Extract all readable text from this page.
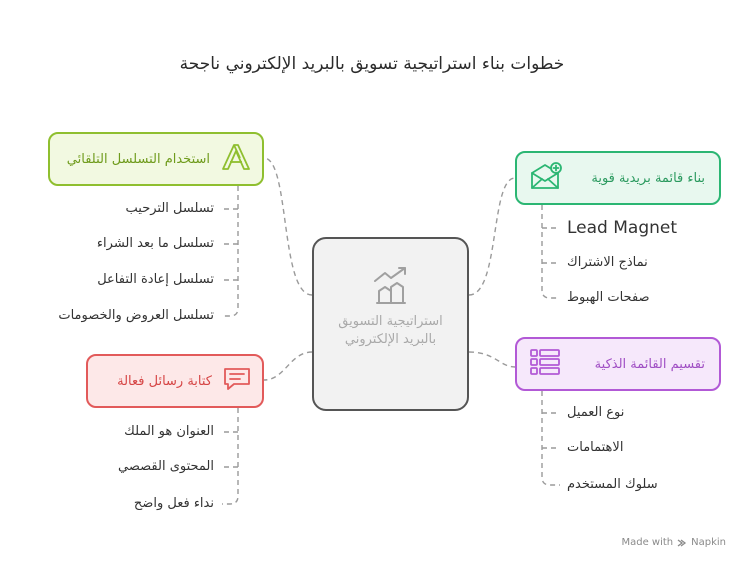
خطوات بناء استراتيجية تسويق بالبريد الإلكتروني ناجحة
استراتيجية التسويق بالبريد الإلكتروني
بناء قائمة بريدية قوية
Lead Magnet
نماذج الاشتراك
صفحات الهبوط
تقسيم القائمة الذكية
نوع العميل
الاهتمامات
سلوك المستخدم
استخدام التسلسل التلقائي
تسلسل الترحيب
تسلسل ما بعد الشراء
تسلسل إعادة التفاعل
تسلسل العروض والخصومات
كتابة رسائل فعالة
العنوان هو الملك
المحتوى القصصي
نداء فعل واضح
Made with Napkin
